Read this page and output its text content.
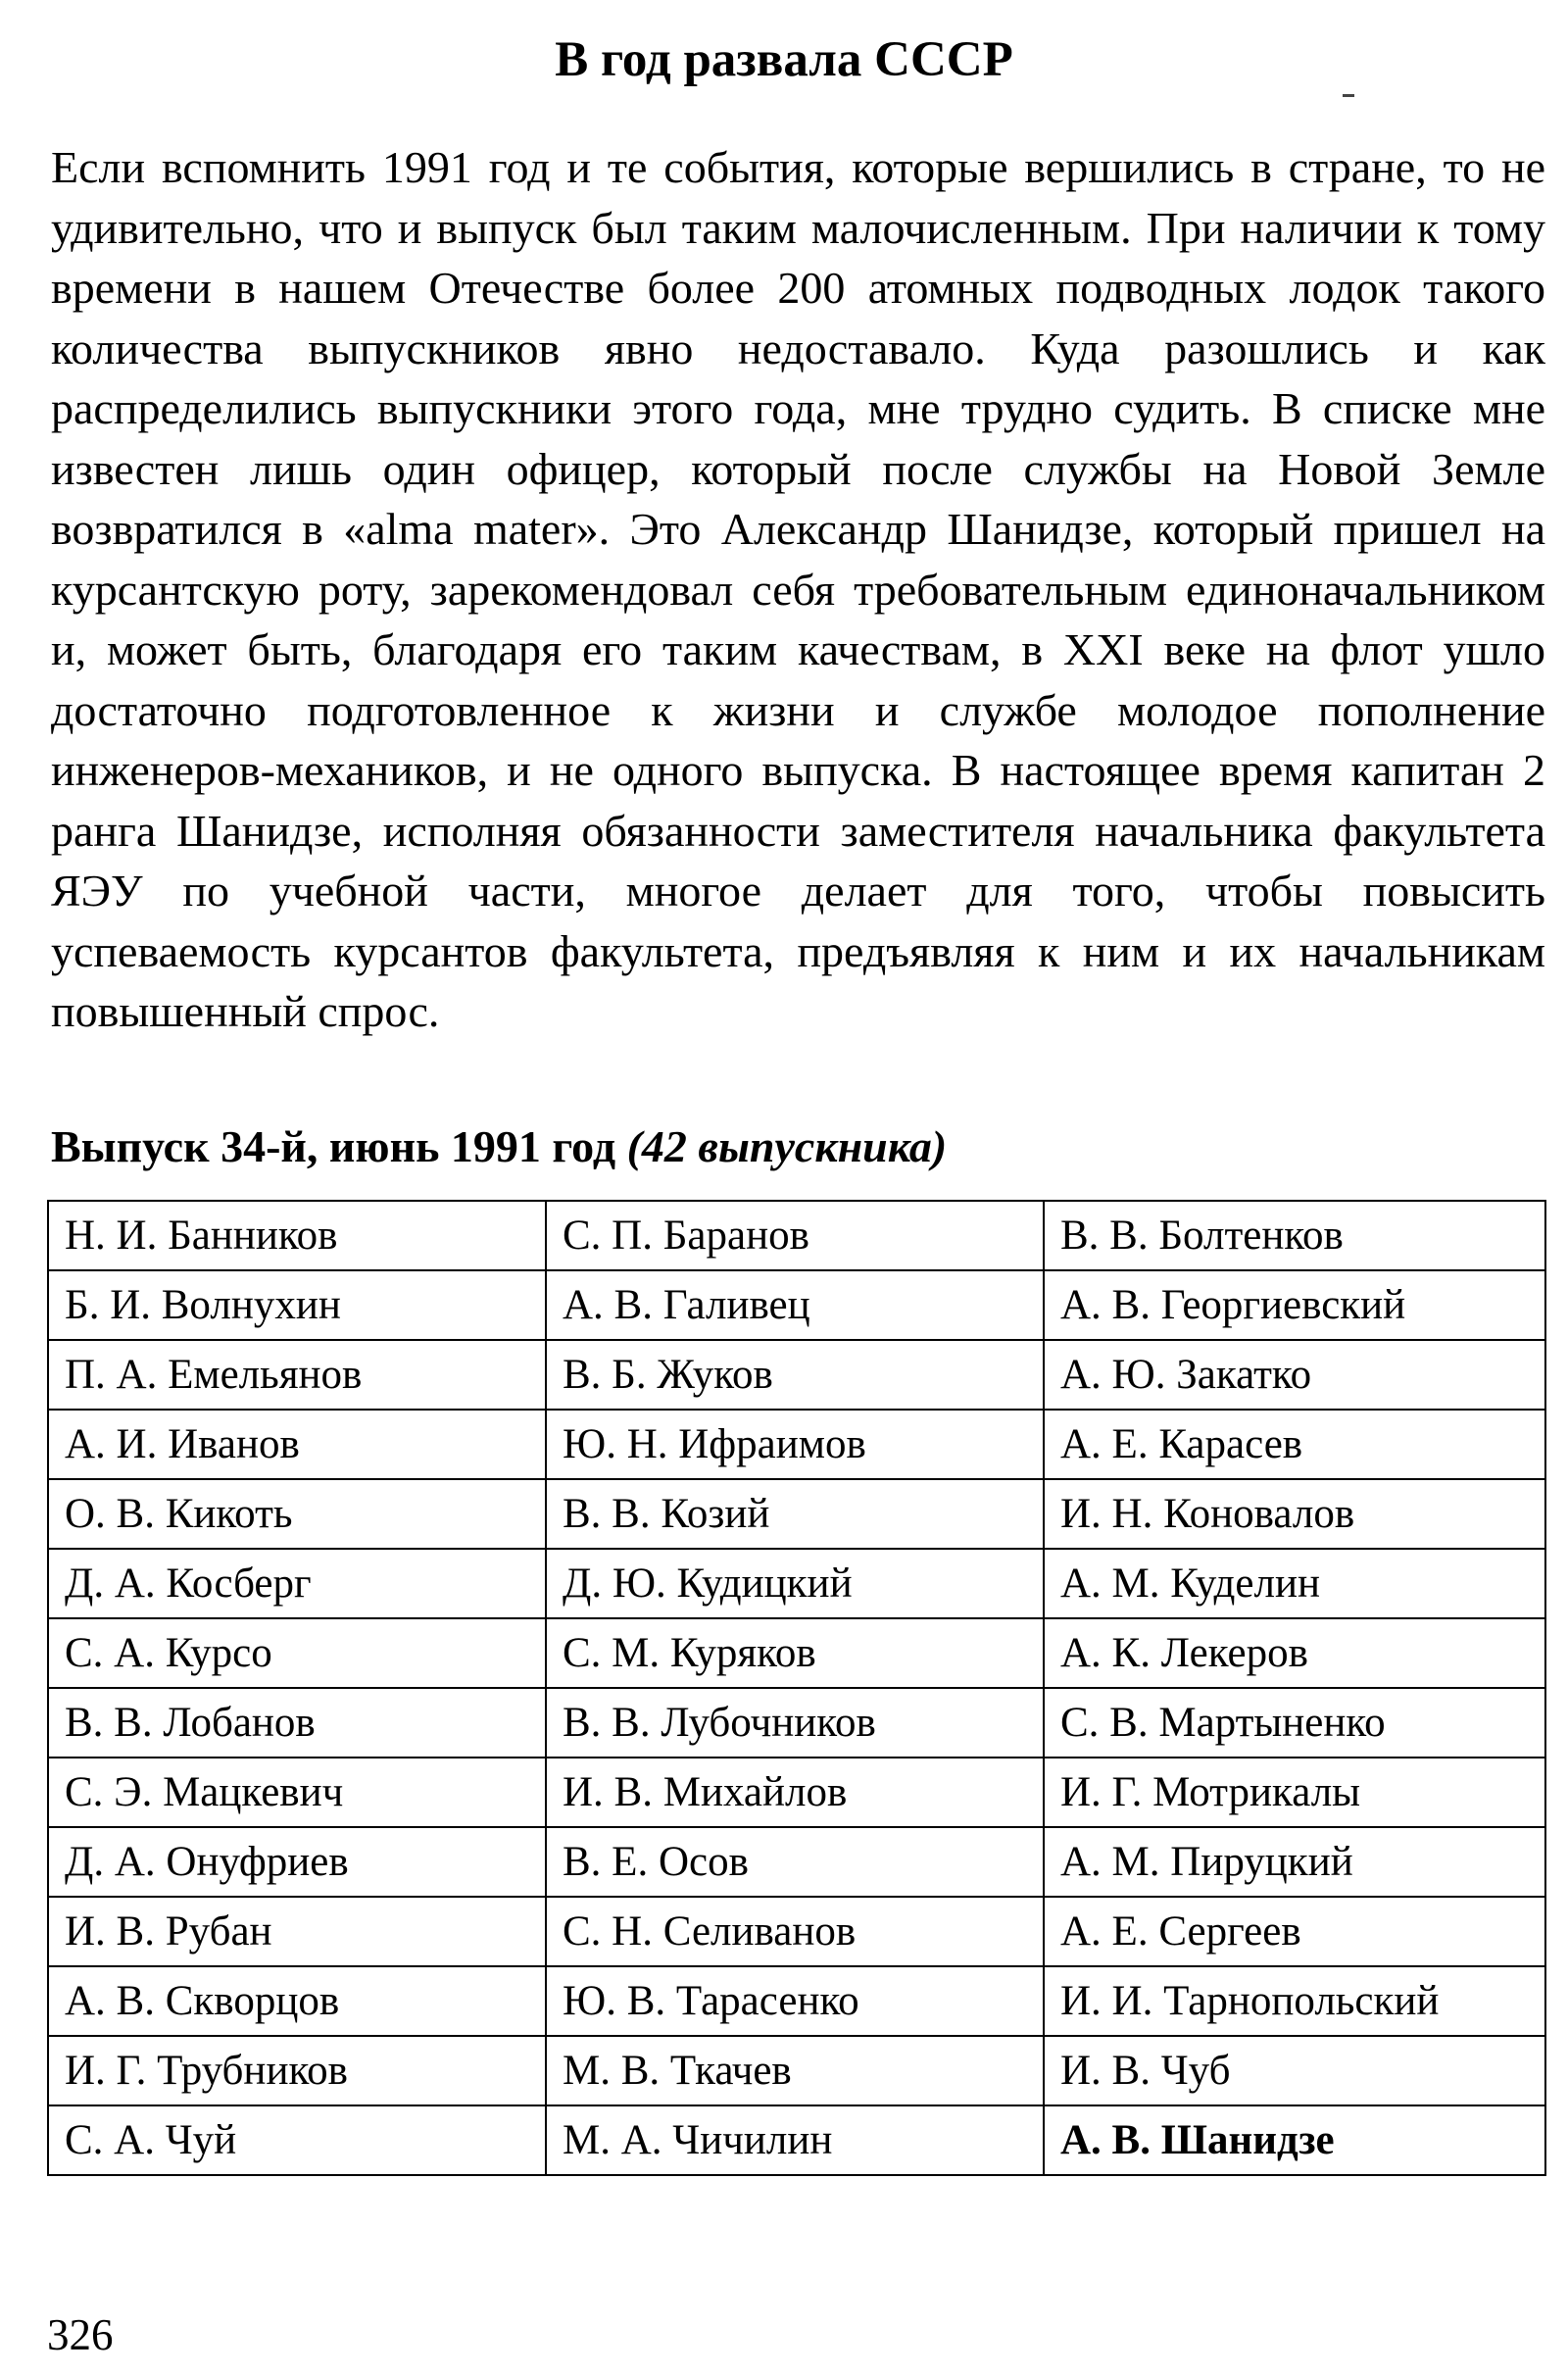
В год развала СССР

Если вспомнить 1991 год и те события, которые вершились в стране, то не удивительно, что и выпуск был таким малочисленным. При наличии к тому времени в нашем Отечестве более 200 атомных подводных лодок такого количества выпускников явно недоставало. Куда разошлись и как распределились выпускники этого года, мне трудно судить. В списке мне известен лишь один офицер, который после службы на Новой Земле возвратился в «alma mater». Это Александр Шанидзе, который пришел на курсантскую роту, зарекомендовал себя требовательным единоначальником и, может быть, благодаря его таким качествам, в XXI веке на флот ушло достаточно подготовленное к жизни и службе молодое пополнение инженеров-механиков, и не одного выпуска. В настоящее время капитан 2 ранга Шанидзе, исполняя обязанности заместителя начальника факультета ЯЭУ по учебной части, многое делает для того, чтобы повысить успеваемость курсантов факультета, предъявляя к ним и их начальникам повышенный спрос.

Выпуск 34-й, июнь 1991 год (42 выпускника)
Н. И. Банников	С. П. Баранов	В. В. Болтенков
Б. И. Волнухин	А. В. Галивец	А. В. Георгиевский
П. А. Емельянов	В. Б. Жуков	А. Ю. Закатко
А. И. Иванов	Ю. Н. Ифраимов	А. Е. Карасев
О. В. Кикоть	В. В. Козий	И. Н. Коновалов
Д. А. Косберг	Д. Ю. Кудицкий	А. М. Куделин
С. А. Курсо	С. М. Куряков	А. К. Лекеров
В. В. Лобанов	В. В. Лубочников	С. В. Мартыненко
С. Э. Мацкевич	И. В. Михайлов	И. Г. Мотрикалы
Д. А. Онуфриев	В. Е. Осов	А. М. Пируцкий
И. В. Рубан	С. Н. Селиванов	А. Е. Сергеев
А. В. Скворцов	Ю. В. Тарасенко	И. И. Тарнопольский
И. Г. Трубников	М. В. Ткачев	И. В. Чуб
С. А. Чуй	М. А. Чичилин	А. В. Шанидзе
326
